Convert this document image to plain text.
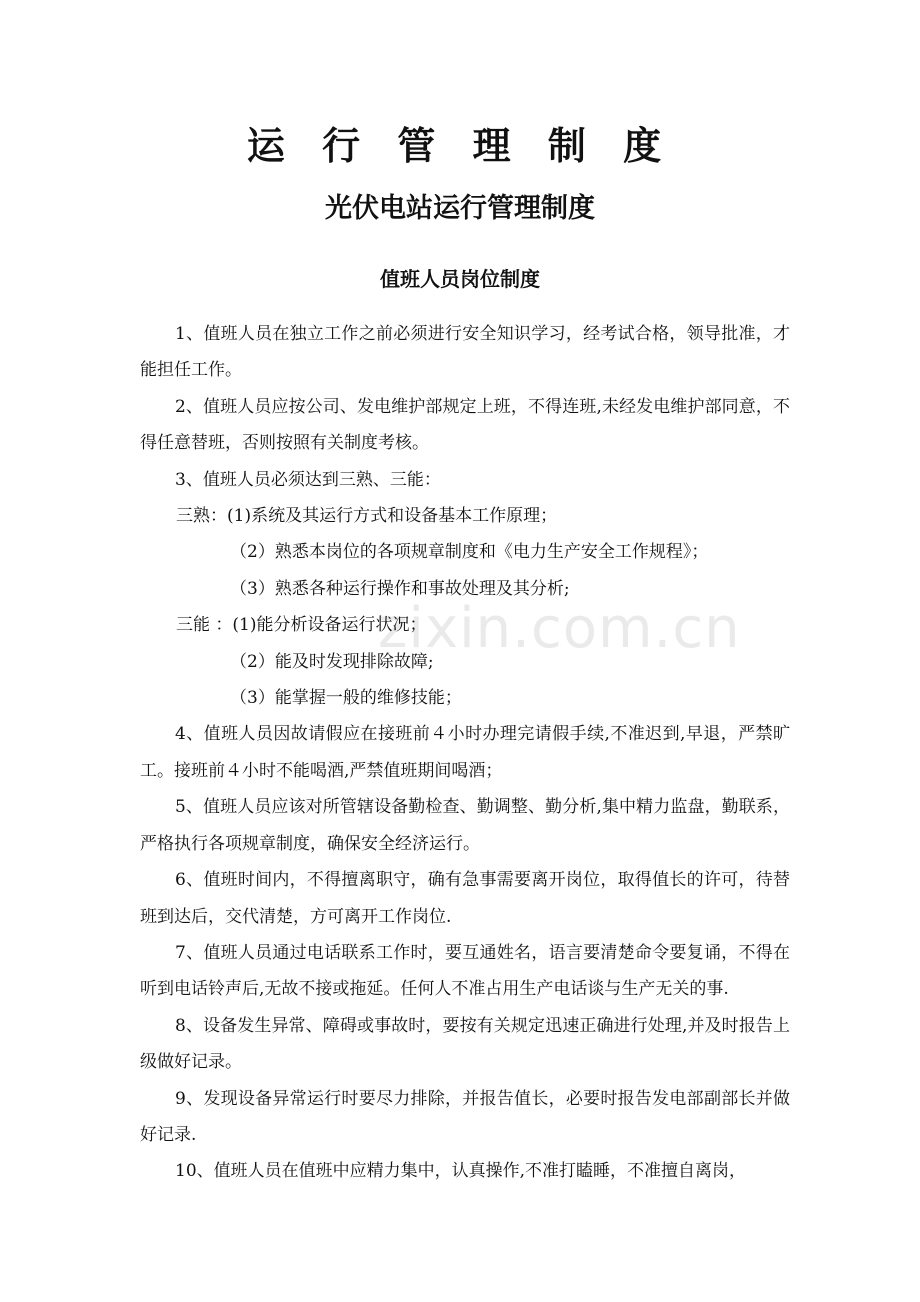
运 行 管 理 制 度
光伏电站运行管理制度
值班人员岗位制度
zixin.com.cn

1、值班人员在独立工作之前必须进行安全知识学习，经考试合格，领导批准，才能担任工作。

2、值班人员应按公司、发电维护部规定上班，不得连班,未经发电维护部同意，不得任意替班，否则按照有关制度考核。

3、值班人员必须达到三熟、三能：

三熟：(1)系统及其运行方式和设备基本工作原理；

（2）熟悉本岗位的各项规章制度和《电力生产安全工作规程》；

（3）熟悉各种运行操作和事故处理及其分析;

三能 ：(1)能分析设备运行状况；

（2）能及时发现排除故障;

（3）能掌握一般的维修技能；

4、值班人员因故请假应在接班前４小时办理完请假手续,不准迟到,早退，严禁旷工。接班前４小时不能喝酒,严禁值班期间喝酒；

5、值班人员应该对所管辖设备勤检查、勤调整、勤分析,集中精力监盘，勤联系，严格执行各项规章制度，确保安全经济运行。

6、值班时间内，不得擅离职守，确有急事需要离开岗位，取得值长的许可，待替班到达后，交代清楚，方可离开工作岗位.

7、值班人员通过电话联系工作时，要互通姓名，语言要清楚命令要复诵，不得在听到电话铃声后,无故不接或拖延。任何人不准占用生产电话谈与生产无关的事.

8、设备发生异常、障碍或事故时，要按有关规定迅速正确进行处理,并及时报告上级做好记录。

9、发现设备异常运行时要尽力排除，并报告值长，必要时报告发电部副部长并做好记录.

10、值班人员在值班中应精力集中，认真操作,不准打瞌睡，不准擅自离岗，
